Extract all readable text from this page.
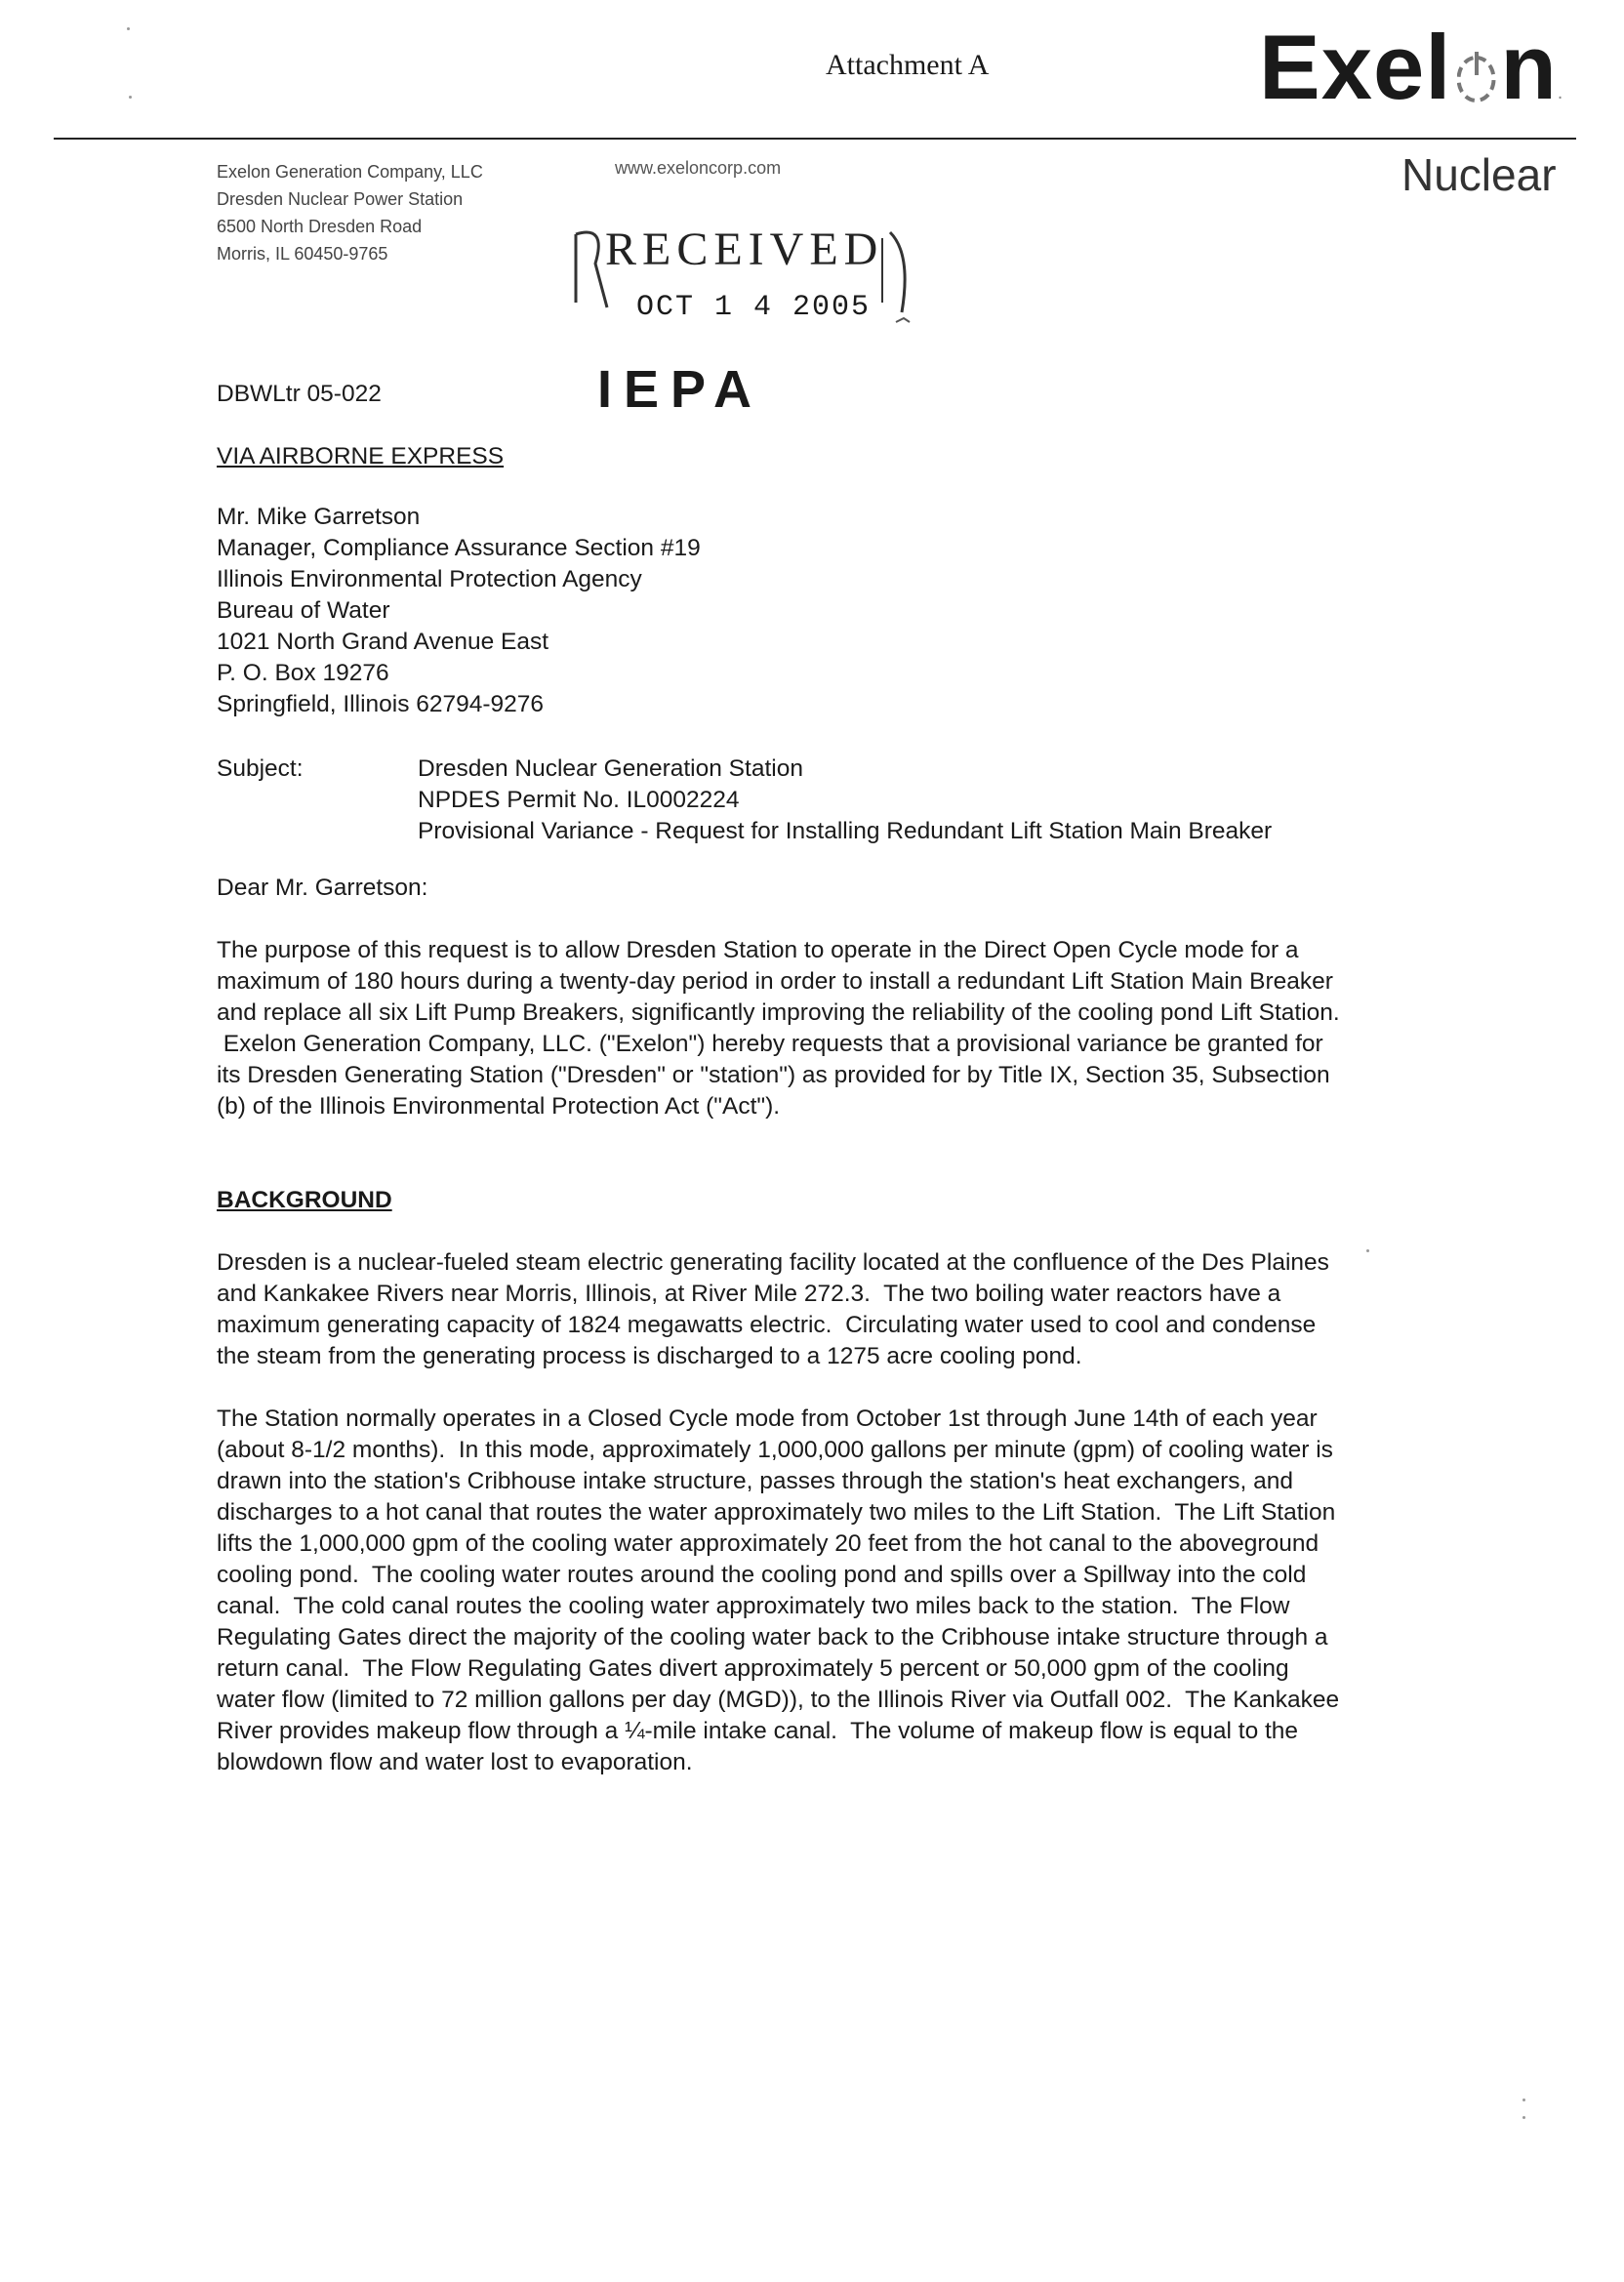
Attachment A	Exel n.
Nuclear
Exelon Generation Company, LLC
Dresden Nuclear Power Station
6500 North Dresden Road
Morris, IL 60450-9765
www.exeloncorp.com
RECEIVED
OCT 1 4 2005
IEPA
DBWLtr 05-022
VIA AIRBORNE EXPRESS
Mr. Mike Garretson
Manager, Compliance Assurance Section #19
Illinois Environmental Protection Agency
Bureau of Water
1021 North Grand Avenue East
P. O. Box 19276
Springfield, Illinois 62794-9276
Subject:	Dresden Nuclear Generation Station
NPDES Permit No. IL0002224
Provisional Variance - Request for Installing Redundant Lift Station Main Breaker
Dear Mr. Garretson:
The purpose of this request is to allow Dresden Station to operate in the Direct Open Cycle mode for a
maximum of 180 hours during a twenty-day period in order to install a redundant Lift Station Main Breaker
and replace all six Lift Pump Breakers, significantly improving the reliability of the cooling pond Lift Station.
Exelon Generation Company, LLC. ("Exelon") hereby requests that a provisional variance be granted for
its Dresden Generating Station ("Dresden" or "station") as provided for by Title IX, Section 35, Subsection
(b) of the Illinois Environmental Protection Act ("Act").
BACKGROUND
Dresden is a nuclear-fueled steam electric generating facility located at the confluence of the Des Plaines
and Kankakee Rivers near Morris, Illinois, at River Mile 272.3.  The two boiling water reactors have a
maximum generating capacity of 1824 megawatts electric.  Circulating water used to cool and condense
the steam from the generating process is discharged to a 1275 acre cooling pond.
The Station normally operates in a Closed Cycle mode from October 1st through June 14th of each year
(about 8-1/2 months).  In this mode, approximately 1,000,000 gallons per minute (gpm) of cooling water is
drawn into the station's Cribhouse intake structure, passes through the station's heat exchangers, and
discharges to a hot canal that routes the water approximately two miles to the Lift Station.  The Lift Station
lifts the 1,000,000 gpm of the cooling water approximately 20 feet from the hot canal to the aboveground
cooling pond.  The cooling water routes around the cooling pond and spills over a Spillway into the cold
canal.  The cold canal routes the cooling water approximately two miles back to the station.  The Flow
Regulating Gates direct the majority of the cooling water back to the Cribhouse intake structure through a
return canal.  The Flow Regulating Gates divert approximately 5 percent or 50,000 gpm of the cooling
water flow (limited to 72 million gallons per day (MGD)), to the Illinois River via Outfall 002.  The Kankakee
River provides makeup flow through a ¼-mile intake canal.  The volume of makeup flow is equal to the
blowdown flow and water lost to evaporation.
